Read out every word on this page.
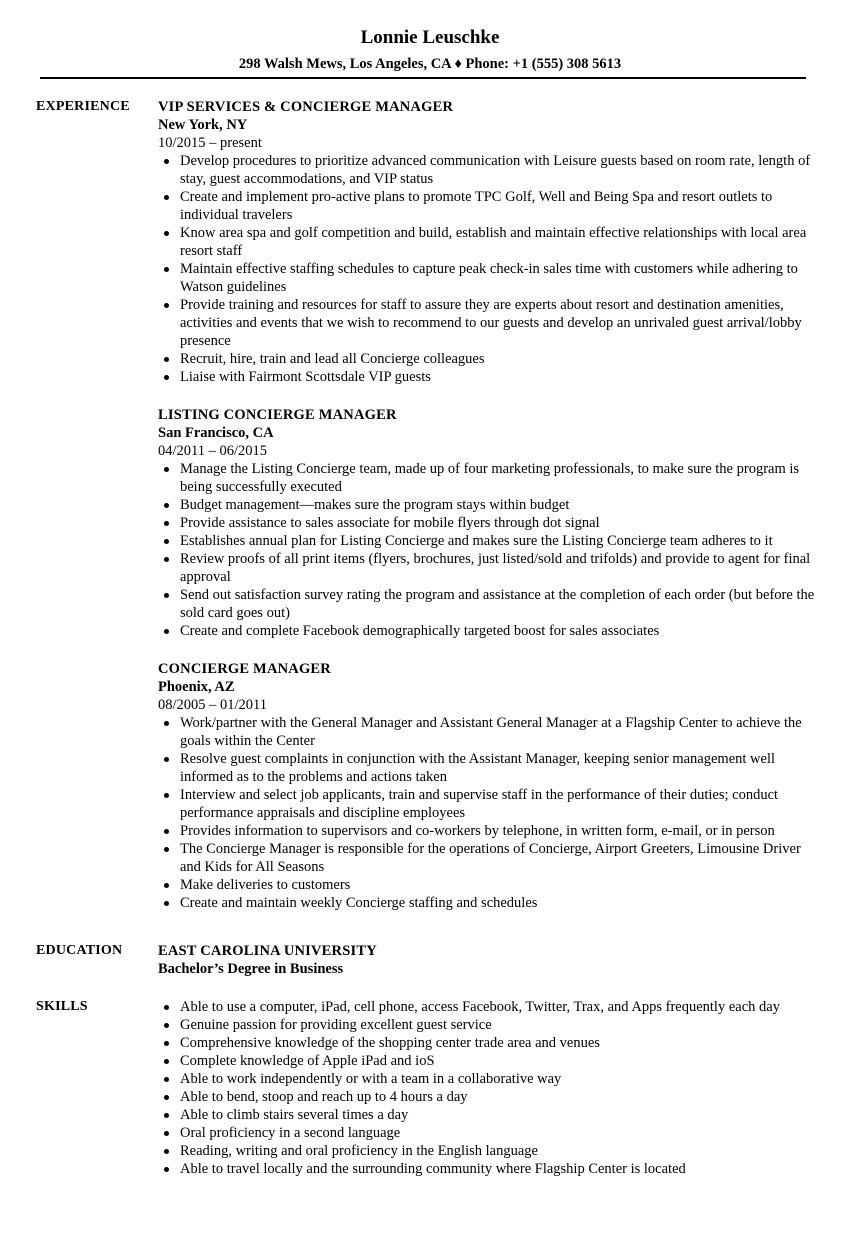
Lonnie Leuschke
298 Walsh Mews, Los Angeles, CA ♦ Phone: +1 (555) 308 5613
EXPERIENCE	VIP SERVICES & CONCIERGE MANAGER
New York, NY
10/2015 – present
Develop procedures to prioritize advanced communication with Leisure guests based on room rate, length of stay, guest accommodations, and VIP status
Create and implement pro-active plans to promote TPC Golf, Well and Being Spa and resort outlets to individual travelers
Know area spa and golf competition and build, establish and maintain effective relationships with local area resort staff
Maintain effective staffing schedules to capture peak check-in sales time with customers while adhering to Watson guidelines
Provide training and resources for staff to assure they are experts about resort and destination amenities, activities and events that we wish to recommend to our guests and develop an unrivaled guest arrival/lobby presence
Recruit, hire, train and lead all Concierge colleagues
Liaise with Fairmont Scottsdale VIP guests
LISTING CONCIERGE MANAGER
San Francisco, CA
04/2011 – 06/2015
Manage the Listing Concierge team, made up of four marketing professionals, to make sure the program is being successfully executed
Budget management—makes sure the program stays within budget
Provide assistance to sales associate for mobile flyers through dot signal
Establishes annual plan for Listing Concierge and makes sure the Listing Concierge team adheres to it
Review proofs of all print items (flyers, brochures, just listed/sold and trifolds) and provide to agent for final approval
Send out satisfaction survey rating the program and assistance at the completion of each order (but before the sold card goes out)
Create and complete Facebook demographically targeted boost for sales associates
CONCIERGE MANAGER
Phoenix, AZ
08/2005 – 01/2011
Work/partner with the General Manager and Assistant General Manager at a Flagship Center to achieve the goals within the Center
Resolve guest complaints in conjunction with the Assistant Manager, keeping senior management well informed as to the problems and actions taken
Interview and select job applicants, train and supervise staff in the performance of their duties; conduct performance appraisals and discipline employees
Provides information to supervisors and co-workers by telephone, in written form, e-mail, or in person
The Concierge Manager is responsible for the operations of Concierge, Airport Greeters, Limousine Driver and Kids for All Seasons
Make deliveries to customers
Create and maintain weekly Concierge staffing and schedules
EDUCATION	EAST CAROLINA UNIVERSITY
Bachelor’s Degree in Business
SKILLS	Able to use a computer, iPad, cell phone, access Facebook, Twitter, Trax, and Apps frequently each day
Genuine passion for providing excellent guest service
Comprehensive knowledge of the shopping center trade area and venues
Complete knowledge of Apple iPad and ioS
Able to work independently or with a team in a collaborative way
Able to bend, stoop and reach up to 4 hours a day
Able to climb stairs several times a day
Oral proficiency in a second language
Reading, writing and oral proficiency in the English language
Able to travel locally and the surrounding community where Flagship Center is located
